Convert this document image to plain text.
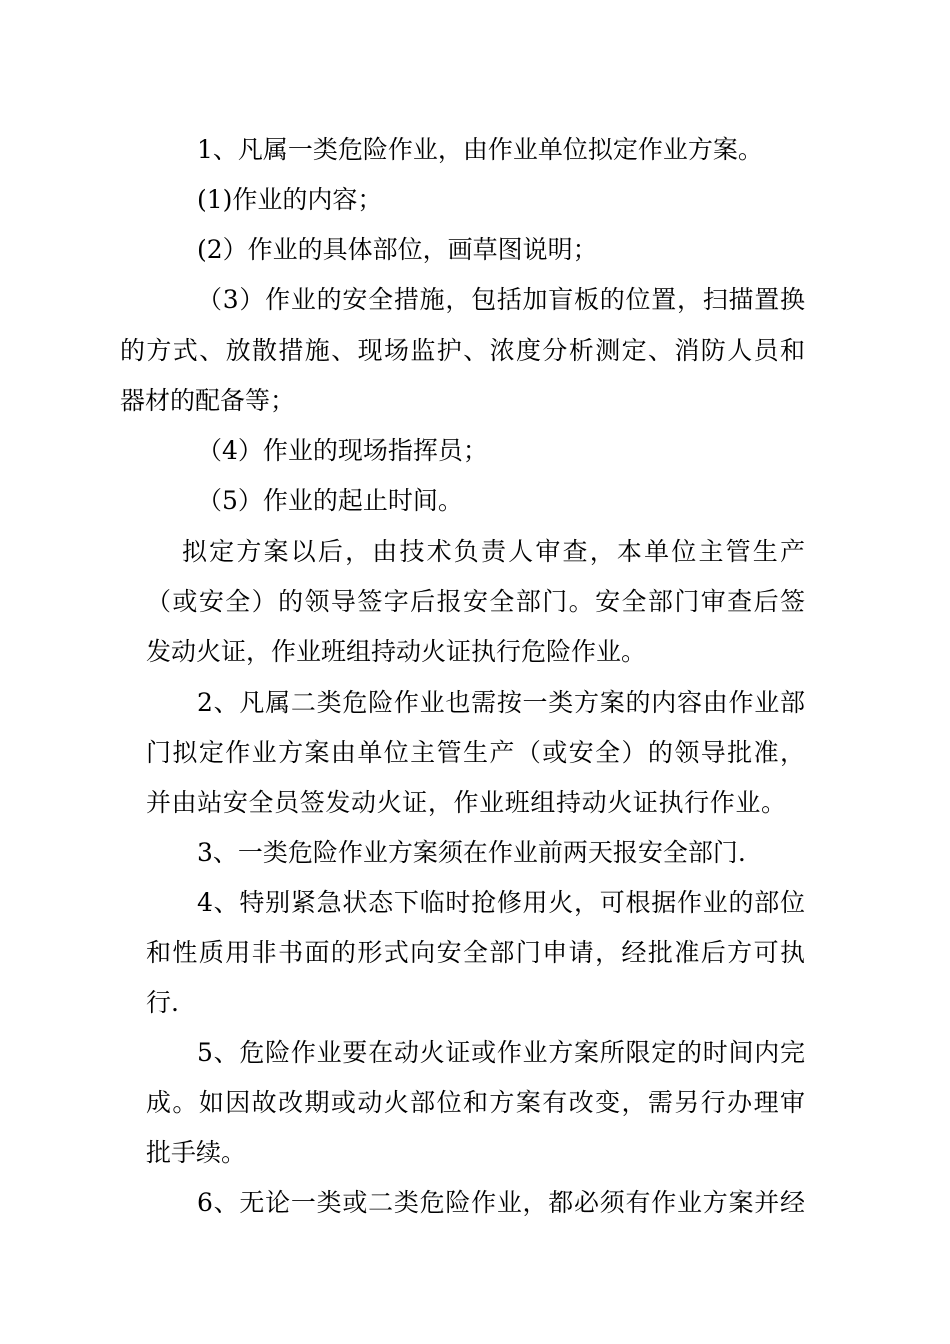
1、凡属一类危险作业，由作业单位拟定作业方案。
(1)作业的内容；
(2）作业的具体部位，画草图说明；
（3）作业的安全措施，包括加盲板的位置，扫描置换
的方式、放散措施、现场监护、浓度分析测定、消防人员和
器材的配备等；
（4）作业的现场指挥员；
（5）作业的起止时间。
拟定方案以后，由技术负责人审查，本单位主管生产
（或安全）的领导签字后报安全部门。安全部门审查后签
发动火证，作业班组持动火证执行危险作业。
2、凡属二类危险作业也需按一类方案的内容由作业部
门拟定作业方案由单位主管生产（或安全）的领导批准，
并由站安全员签发动火证，作业班组持动火证执行作业。
3、一类危险作业方案须在作业前两天报安全部门.
4、特别紧急状态下临时抢修用火，可根据作业的部位
和性质用非书面的形式向安全部门申请，经批准后方可执
行.
5、危险作业要在动火证或作业方案所限定的时间内完
成。如因故改期或动火部位和方案有改变，需另行办理审
批手续。
6、无论一类或二类危险作业，都必须有作业方案并经
